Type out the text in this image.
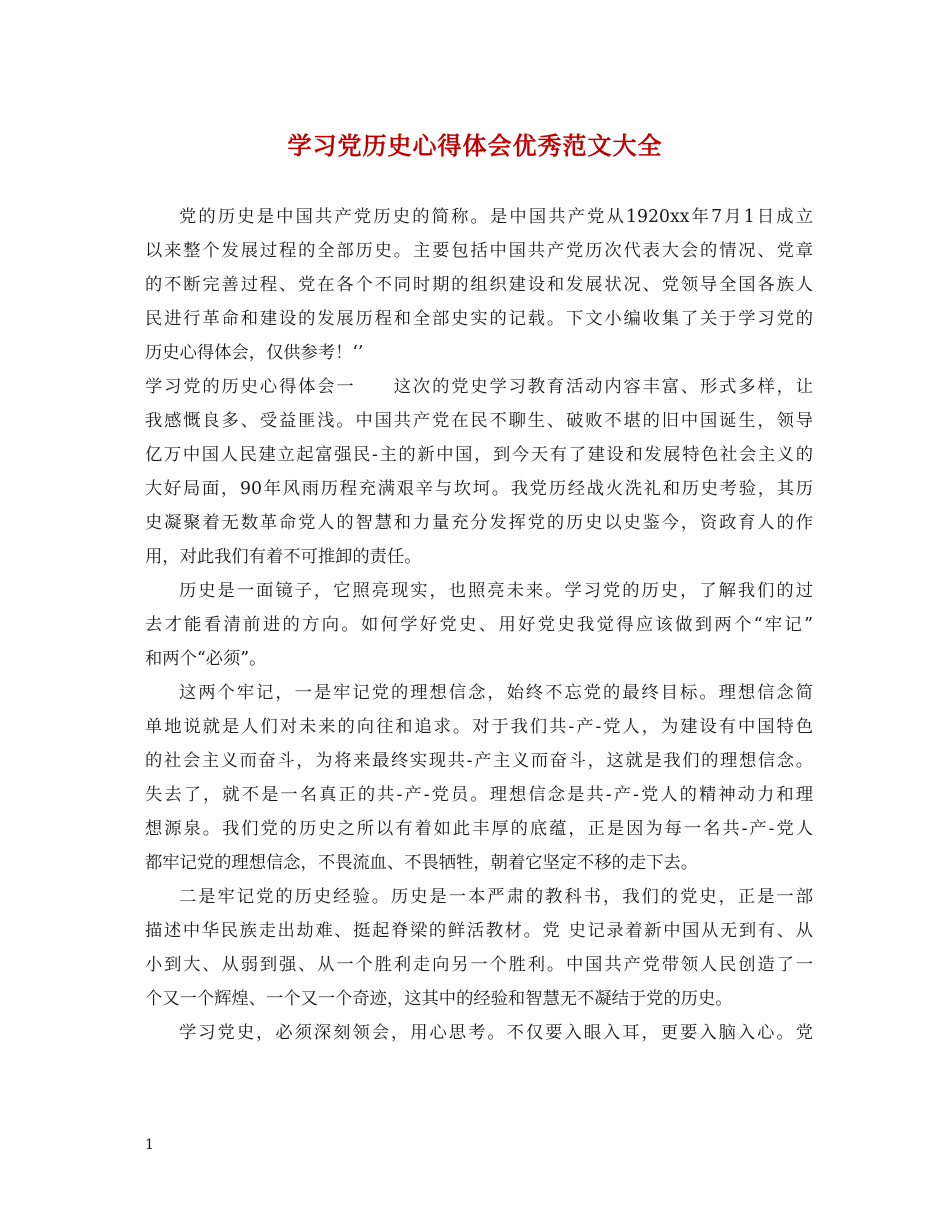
学习党历史心得体会优秀范文大全
党的历史是中国共产党历史的简称。是中国共产党从1920xx年7月1日成立
以来整个发展过程的全部历史。主要包括中国共产党历次代表大会的情况、党章
的不断完善过程、党在各个不同时期的组织建设和发展状况、党领导全国各族人
民进行革命和建设的发展历程和全部史实的记载。下文小编收集了关于学习党的
历史心得体会，仅供参考！‘’
学习党的历史心得体会一　　这次的党史学习教育活动内容丰富、形式多样，让
我感慨良多、受益匪浅。中国共产党在民不聊生、破败不堪的旧中国诞生，领导
亿万中国人民建立起富强民-主的新中国，到今天有了建设和发展特色社会主义的
大好局面，90年风雨历程充满艰辛与坎坷。我党历经战火洗礼和历史考验，其历
史凝聚着无数革命党人的智慧和力量充分发挥党的历史以史鉴今，资政育人的作
用，对此我们有着不可推卸的责任。
历史是一面镜子，它照亮现实，也照亮未来。学习党的历史，了解我们的过
去才能看清前进的方向。如何学好党史、用好党史我觉得应该做到两个“牢记”
和两个“必须”。
这两个牢记，一是牢记党的理想信念，始终不忘党的最终目标。理想信念简
单地说就是人们对未来的向往和追求。对于我们共-产-党人，为建设有中国特色
的社会主义而奋斗，为将来最终实现共-产主义而奋斗，这就是我们的理想信念。
失去了，就不是一名真正的共-产-党员。理想信念是共-产-党人的精神动力和理
想源泉。我们党的历史之所以有着如此丰厚的底蕴，正是因为每一名共-产-党人
都牢记党的理想信念，不畏流血、不畏牺牲，朝着它坚定不移的走下去。
二是牢记党的历史经验。历史是一本严肃的教科书，我们的党史，正是一部
描述中华民族走出劫难、挺起脊梁的鲜活教材。党 史记录着新中国从无到有、从
小到大、从弱到强、从一个胜利走向另一个胜利。中国共产党带领人民创造了一
个又一个辉煌、一个又一个奇迹，这其中的经验和智慧无不凝结于党的历史。
学习党史，必须深刻领会，用心思考。不仅要入眼入耳，更要入脑入心。党
1
